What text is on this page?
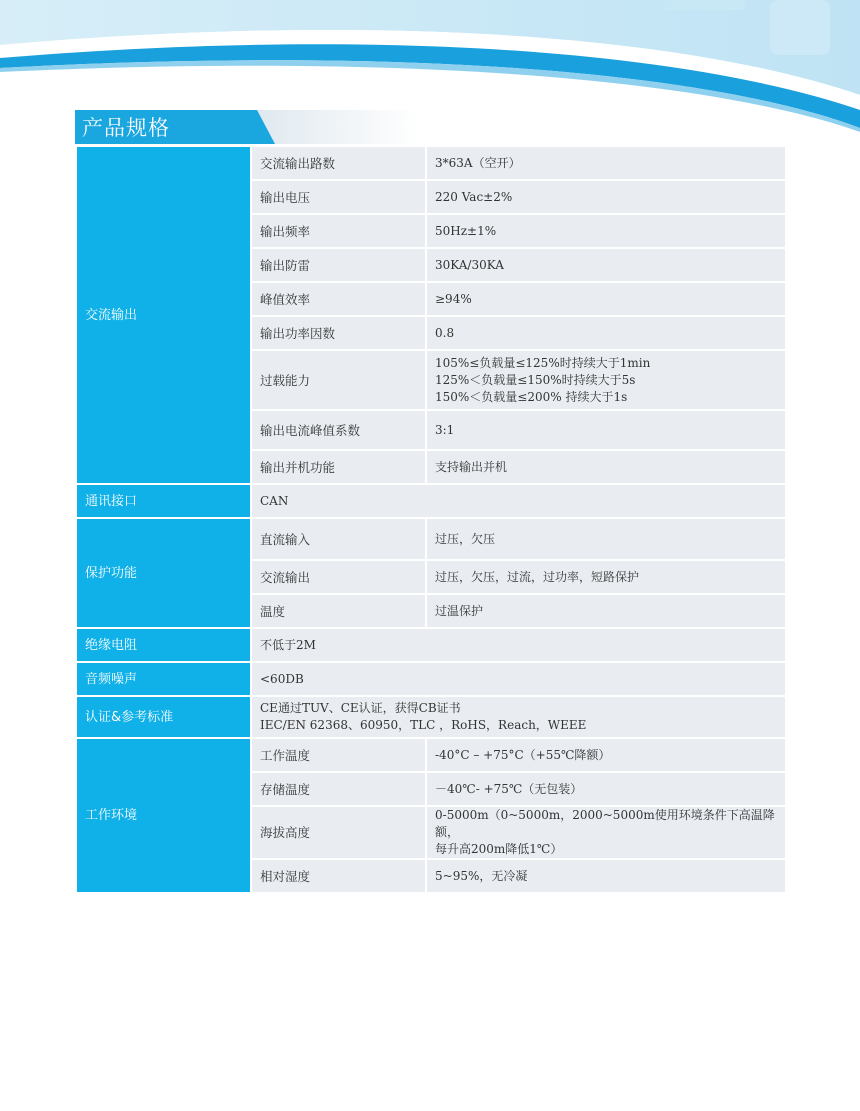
产品规格
交流输出	交流输出路数	3*63A（空开）
	输出电压	220 Vac±2%
	输出频率	50Hz±1%
	输出防雷	30KA/30KA
	峰值效率	≥94%
	输出功率因数	0.8
	过载能力	105%≤负载量≤125%时持续大于1min
125%＜负载量≤150%时持续大于5s
150%＜负载量≤200% 持续大于1s

	输出电流峰值系数	3:1
	输出并机功能	支持输出并机
通讯接口	CAN	
保护功能	直流输入	过压，欠压
	交流输出	过压，欠压，过流，过功率，短路保护
	温度	过温保护
绝缘电阻	不低于2M	
音频噪声	<60DB	
认证&参考标准	CE通过TUV、CE认证，获得CB证书
IEC/EN 62368、60950，TLC ，RoHS，Reach，WEEE	

工作环境	工作温度	-40°C – +75°C（+55℃降额）
	存储温度	－40℃- +75℃（无包装）
	海拔高度	0-5000m（0~5000m，2000~5000m使用环境条件下高温降额，
每升高200m降低1℃）

	相对湿度	5~95%，无冷凝
